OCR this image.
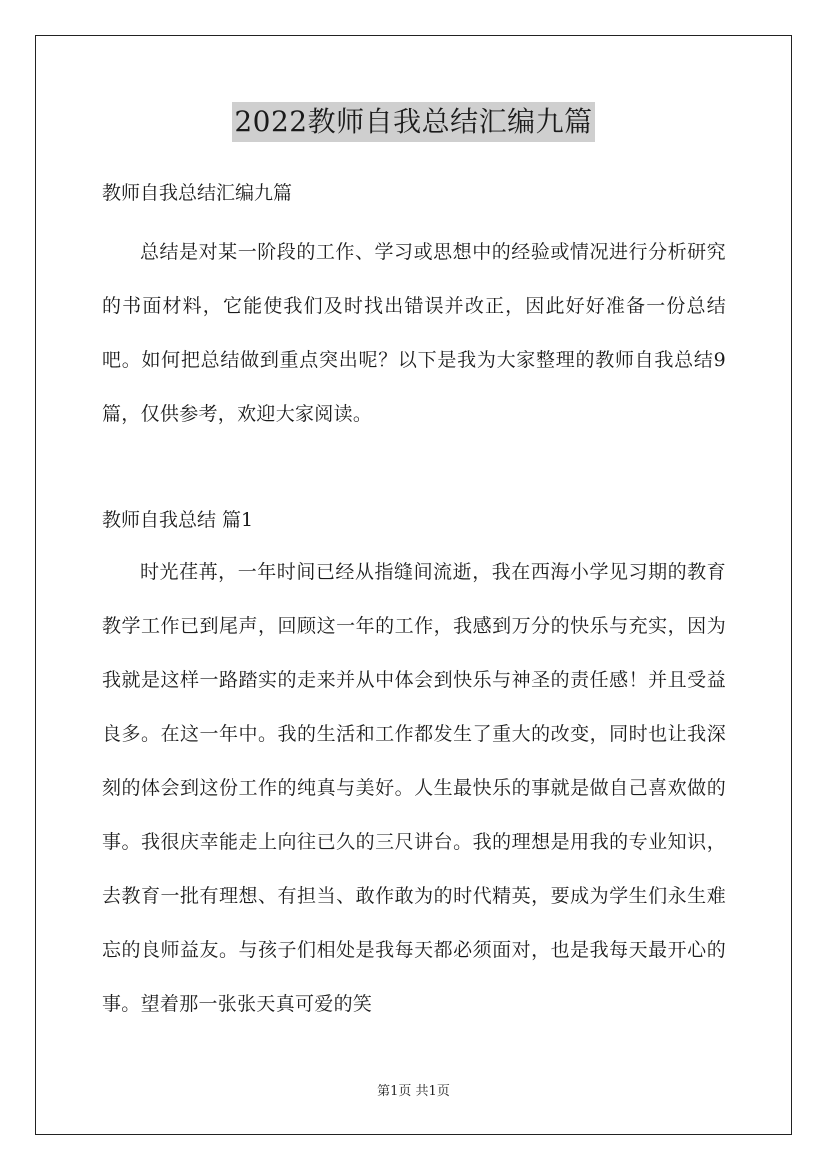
2022教师自我总结汇编九篇
教师自我总结汇编九篇
总结是对某一阶段的工作、学习或思想中的经验或情况进行分析研究的书面材料，它能使我们及时找出错误并改正，因此好好准备一份总结吧。如何把总结做到重点突出呢？以下是我为大家整理的教师自我总结9篇，仅供参考，欢迎大家阅读。
教师自我总结 篇1
时光荏苒，一年时间已经从指缝间流逝，我在西海小学见习期的教育教学工作已到尾声，回顾这一年的工作，我感到万分的快乐与充实，因为我就是这样一路踏实的走来并从中体会到快乐与神圣的责任感！并且受益良多。在这一年中。我的生活和工作都发生了重大的改变，同时也让我深刻的体会到这份工作的纯真与美好。人生最快乐的事就是做自己喜欢做的事。我很庆幸能走上向往已久的三尺讲台。我的理想是用我的专业知识，去教育一批有理想、有担当、敢作敢为的时代精英，要成为学生们永生难忘的良师益友。与孩子们相处是我每天都必须面对，也是我每天最开心的事。望着那一张张天真可爱的笑
第1页 共1页
